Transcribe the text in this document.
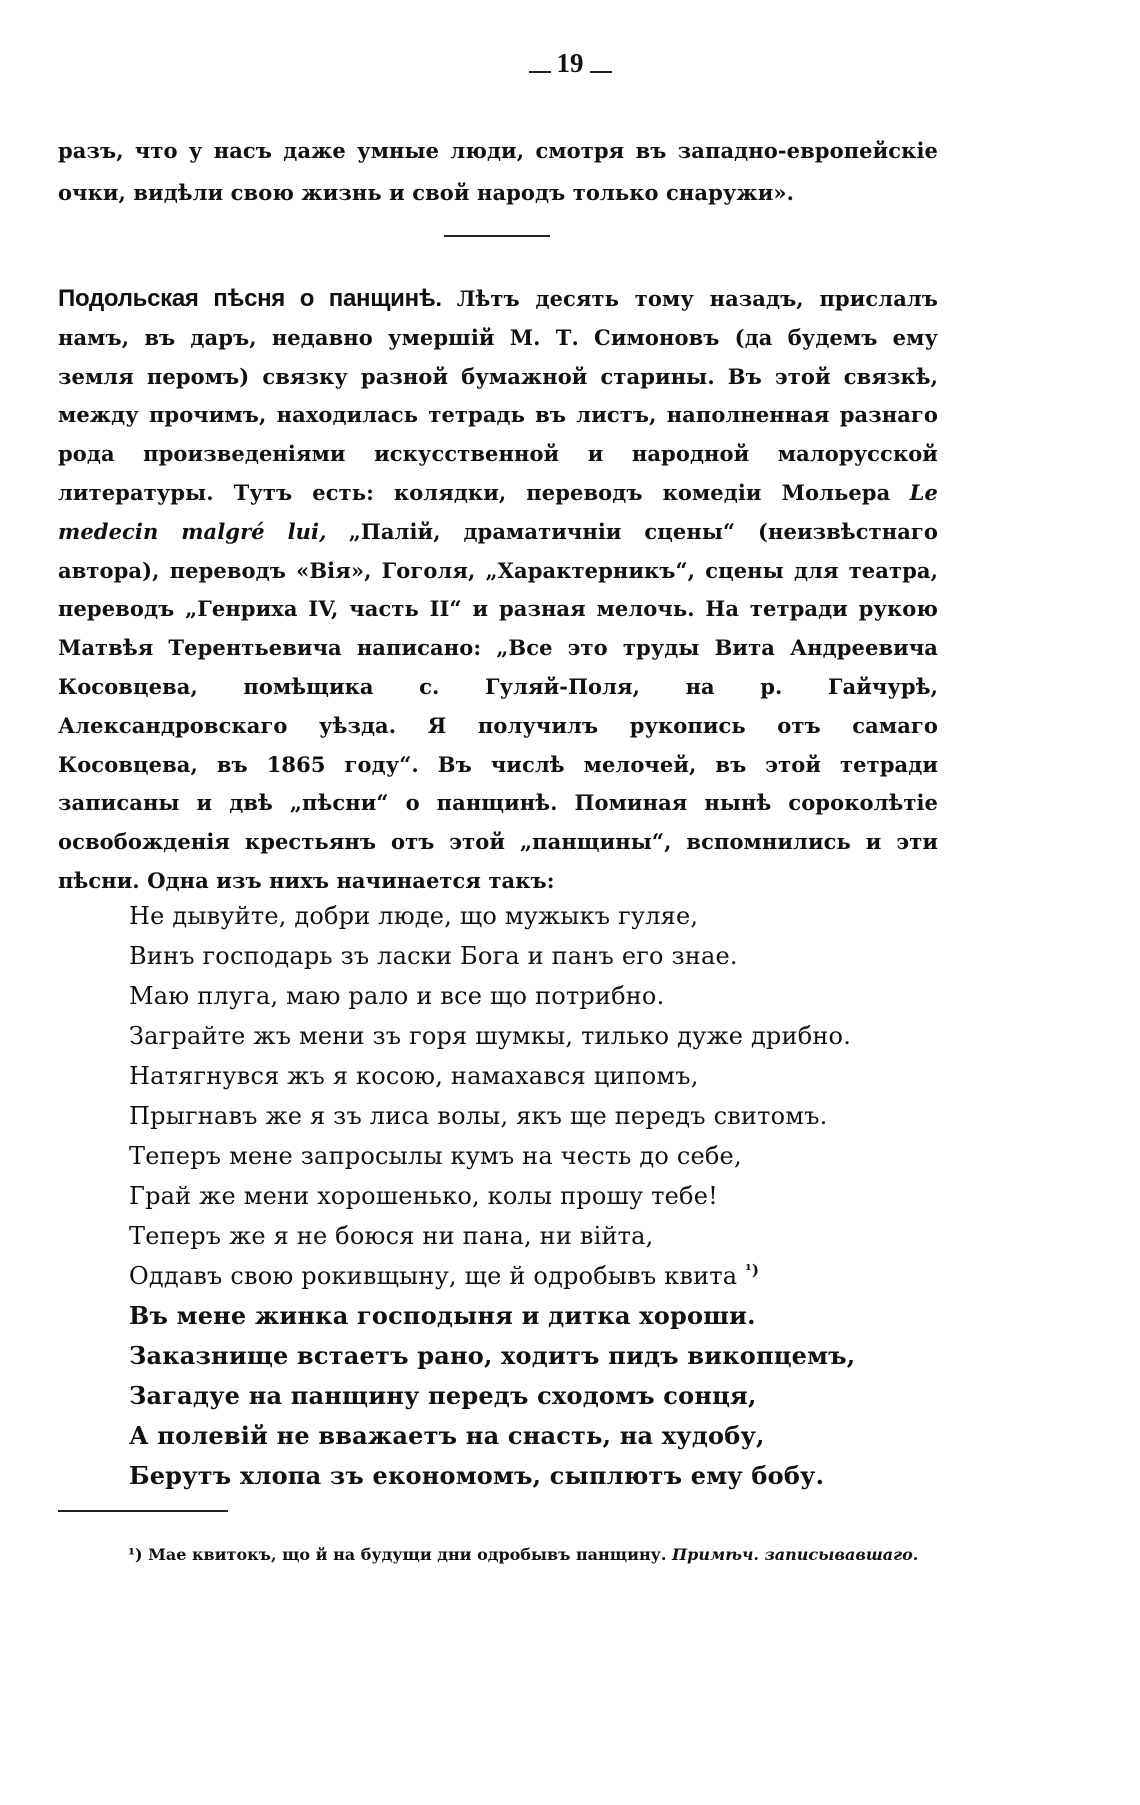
19
разъ, что у насъ даже умные люди, смотря въ западно-европейскіе очки, видѣли свою жизнь и свой народъ только снаружи».
Подольская пѣсня о панщинѣ. Лѣтъ десять тому назадъ, прислалъ намъ, въ даръ, недавно умершій М. Т. Симоновъ (да будемъ ему земля перомъ) связку разной бумажной старины. Въ этой связкѣ, между прочимъ, находилась тетрадь въ листъ, наполненная разнаго рода произведеніями искусственной и народной малорусской литературы. Тутъ есть: колядки, переводъ комедіи Мольера Le medecin malgré lui, „Палій, драматичніи сцены“ (неизвѣстнаго автора), переводъ «Вія», Гоголя, „Характерникъ“, сцены для театра, переводъ „Генриха IV, часть II“ и разная мелочь. На тетради рукою Матвѣя Терентьевича написано: „Все это труды Вита Андреевича Косовцева, помѣщика с. Гуляй-Поля, на р. Гайчурѣ, Александровскаго уѣзда. Я получилъ рукопись отъ самаго Косовцева, въ 1865 году“. Въ числѣ мелочей, въ этой тетради записаны и двѣ „пѣсни“ о панщинѣ. Поминая нынѣ сороколѣтіе освобожденія крестьянъ отъ этой „панщины“, вспомнились и эти пѣсни. Одна изъ нихъ начинается такъ:
Не дывуйте, добри люде, що мужыкъ гуляе,
Винъ господарь зъ ласки Бога и панъ его знае.
Маю плуга, маю рало и все що потрибно.
Заграйте жъ мени зъ горя шумкы, тилько дуже дрибно.
Натягнувся жъ я косою, намахався ципомъ,
Прыгнавъ же я зъ лиса волы, якъ ще передъ свитомъ.
Теперъ мене запросылы кумъ на честь до себе,
Грай же мени хорошенько, колы прошу тебе!
Теперъ же я не боюся ни пана, ни війта,
Оддавъ свою рокивщыну, ще й одробывъ квита $^{^1)}$
Въ мене жинка господыня и дитка хороши.
Заказнище встаетъ рано, ходитъ пидъ викопцемъ,
Загадуе на панщину передъ сходомъ сонця,
А полевій не вважаетъ на снасть, на худобу,
Берутъ хлопа зъ економомъ, сыплютъ ему бобу.
¹) Мае квитокъ, що й на будущи дни одробывъ панщину. Примѣч. записывавшаго.
